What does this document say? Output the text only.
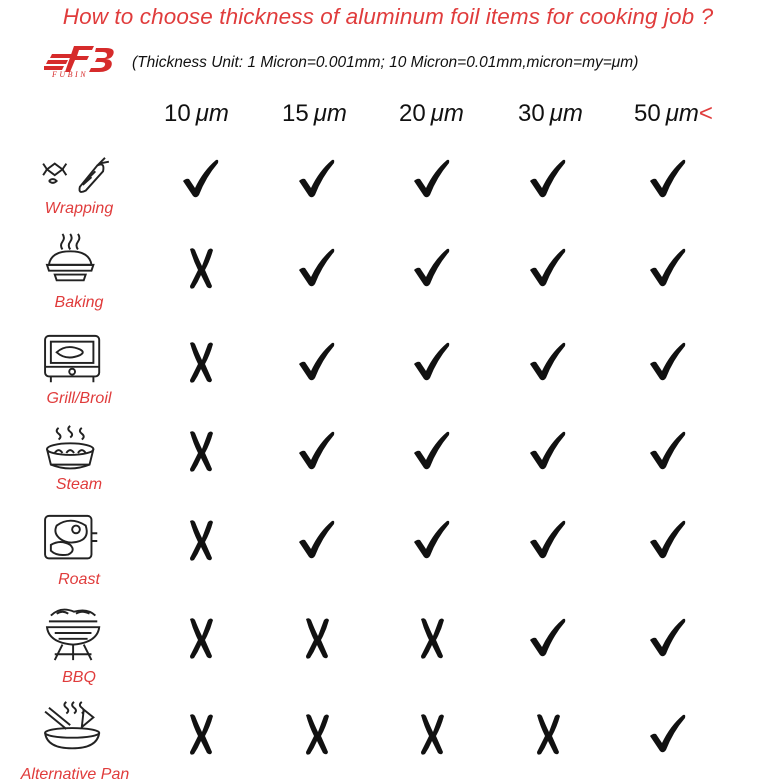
How to choose thickness of aluminum foil items for cooking job ?
FUBIN
(Thickness Unit: 1 Micron=0.001mm; 10 Micron=0.01mm,micron=my=μm)
10 μm 15 μm 20 μm 30 μm 50 μm<
Wrapping
Baking
Grill/Broil
Steam
Roast
BBQ
Alternative Pan
